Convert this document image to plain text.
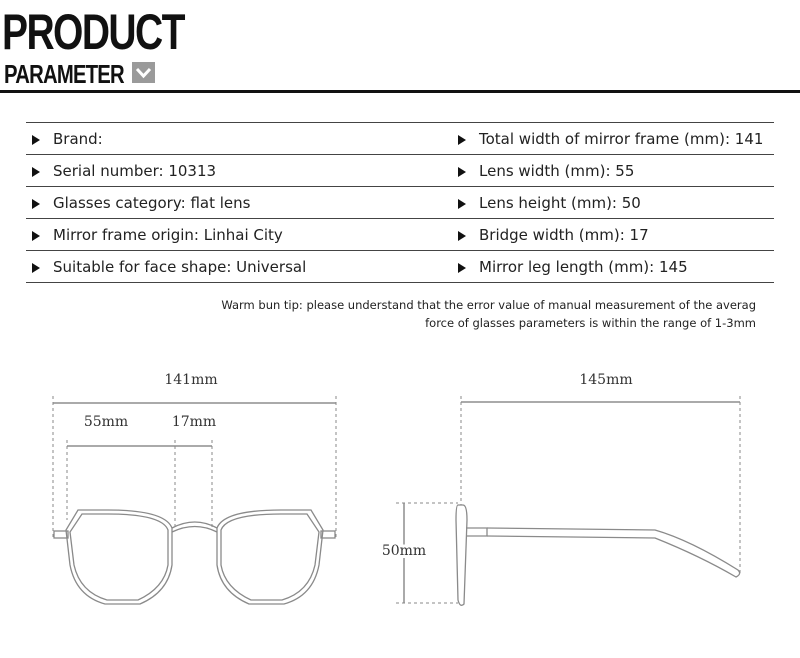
PRODUCT
PARAMETER
Brand:	Total width of mirror frame (mm): 141
Serial number: 10313	Lens width (mm): 55
Glasses category: flat lens	Lens height (mm): 50
Mirror frame origin: Linhai City	Bridge width (mm): 17
Suitable for face shape: Universal	Mirror leg length (mm): 145
Warm bun tip: please understand that the error value of manual measurement of the averag
force of glasses parameters is within the range of 1-3mm
141mm
55mm	17mm
145mm
50mm
